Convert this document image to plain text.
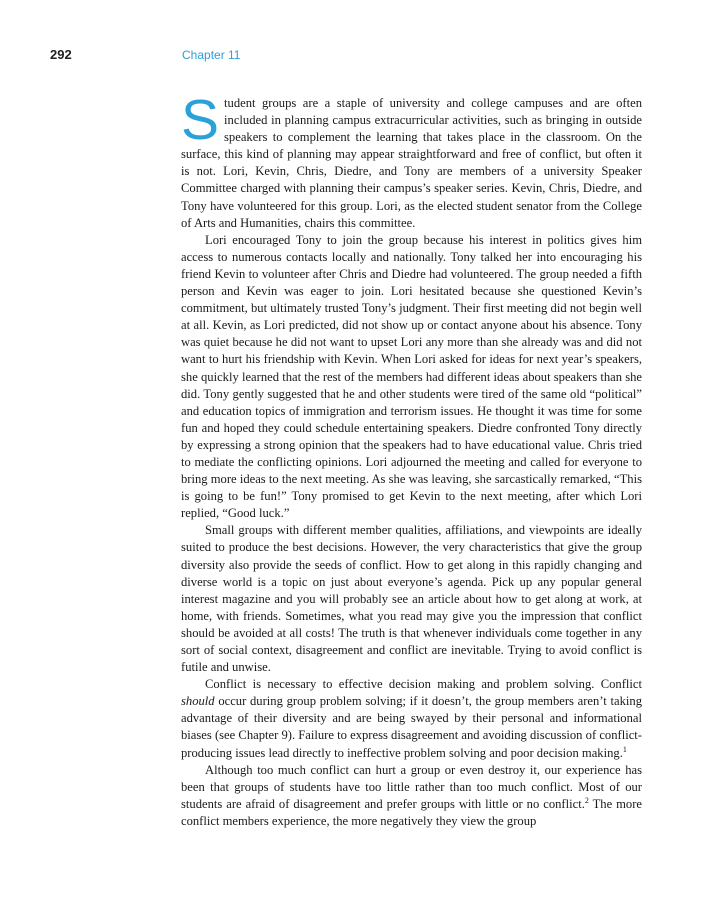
292	Chapter 11

Student groups are a staple of university and college campuses and are often included in planning campus extracurricular activities, such as bringing in outside speakers to complement the learning that takes place in the classroom. On the surface, this kind of planning may appear straightforward and free of conflict, but often it is not. Lori, Kevin, Chris, Diedre, and Tony are members of a university Speaker Committee charged with planning their campus’s speaker series. Kevin, Chris, Diedre, and Tony have volunteered for this group. Lori, as the elected student senator from the College of Arts and Humanities, chairs this committee.

Lori encouraged Tony to join the group because his interest in politics gives him access to numerous contacts locally and nationally. Tony talked her into encouraging his friend Kevin to volunteer after Chris and Diedre had volunteered. The group needed a fifth person and Kevin was eager to join. Lori hesitated because she questioned Kevin’s commitment, but ultimately trusted Tony’s judgment. Their first meeting did not begin well at all. Kevin, as Lori predicted, did not show up or contact anyone about his absence. Tony was quiet because he did not want to upset Lori any more than she already was and did not want to hurt his friendship with Kevin. When Lori asked for ideas for next year’s speakers, she quickly learned that the rest of the members had different ideas about speakers than she did. Tony gently suggested that he and other students were tired of the same old “political” and education topics of immigration and terrorism issues. He thought it was time for some fun and hoped they could schedule entertaining speakers. Diedre confronted Tony directly by expressing a strong opinion that the speakers had to have educational value. Chris tried to mediate the conflicting opinions. Lori adjourned the meeting and called for everyone to bring more ideas to the next meeting. As she was leaving, she sarcastically remarked, “This is going to be fun!” Tony promised to get Kevin to the next meeting, after which Lori replied, “Good luck.”

Small groups with different member qualities, affiliations, and viewpoints are ideally suited to produce the best decisions. However, the very characteristics that give the group diversity also provide the seeds of conflict. How to get along in this rapidly changing and diverse world is a topic on just about everyone’s agenda. Pick up any popular general interest magazine and you will probably see an article about how to get along at work, at home, with friends. Sometimes, what you read may give you the impression that conflict should be avoided at all costs! The truth is that whenever individuals come together in any sort of social context, disagreement and conflict are inevitable. Trying to avoid conflict is futile and unwise.

Conflict is necessary to effective decision making and problem solving. Conflict should occur during group problem solving; if it doesn’t, the group members aren’t taking advantage of their diversity and are being swayed by their personal and informational biases (see Chapter 9). Failure to express disagreement and avoiding discussion of conflict-producing issues lead directly to ineffective problem solving and poor decision making.$^1$

Although too much conflict can hurt a group or even destroy it, our experience has been that groups of students have too little rather than too much conflict. Most of our students are afraid of disagreement and prefer groups with little or no conflict.$^2$ The more conflict members experience, the more negatively they view the group
